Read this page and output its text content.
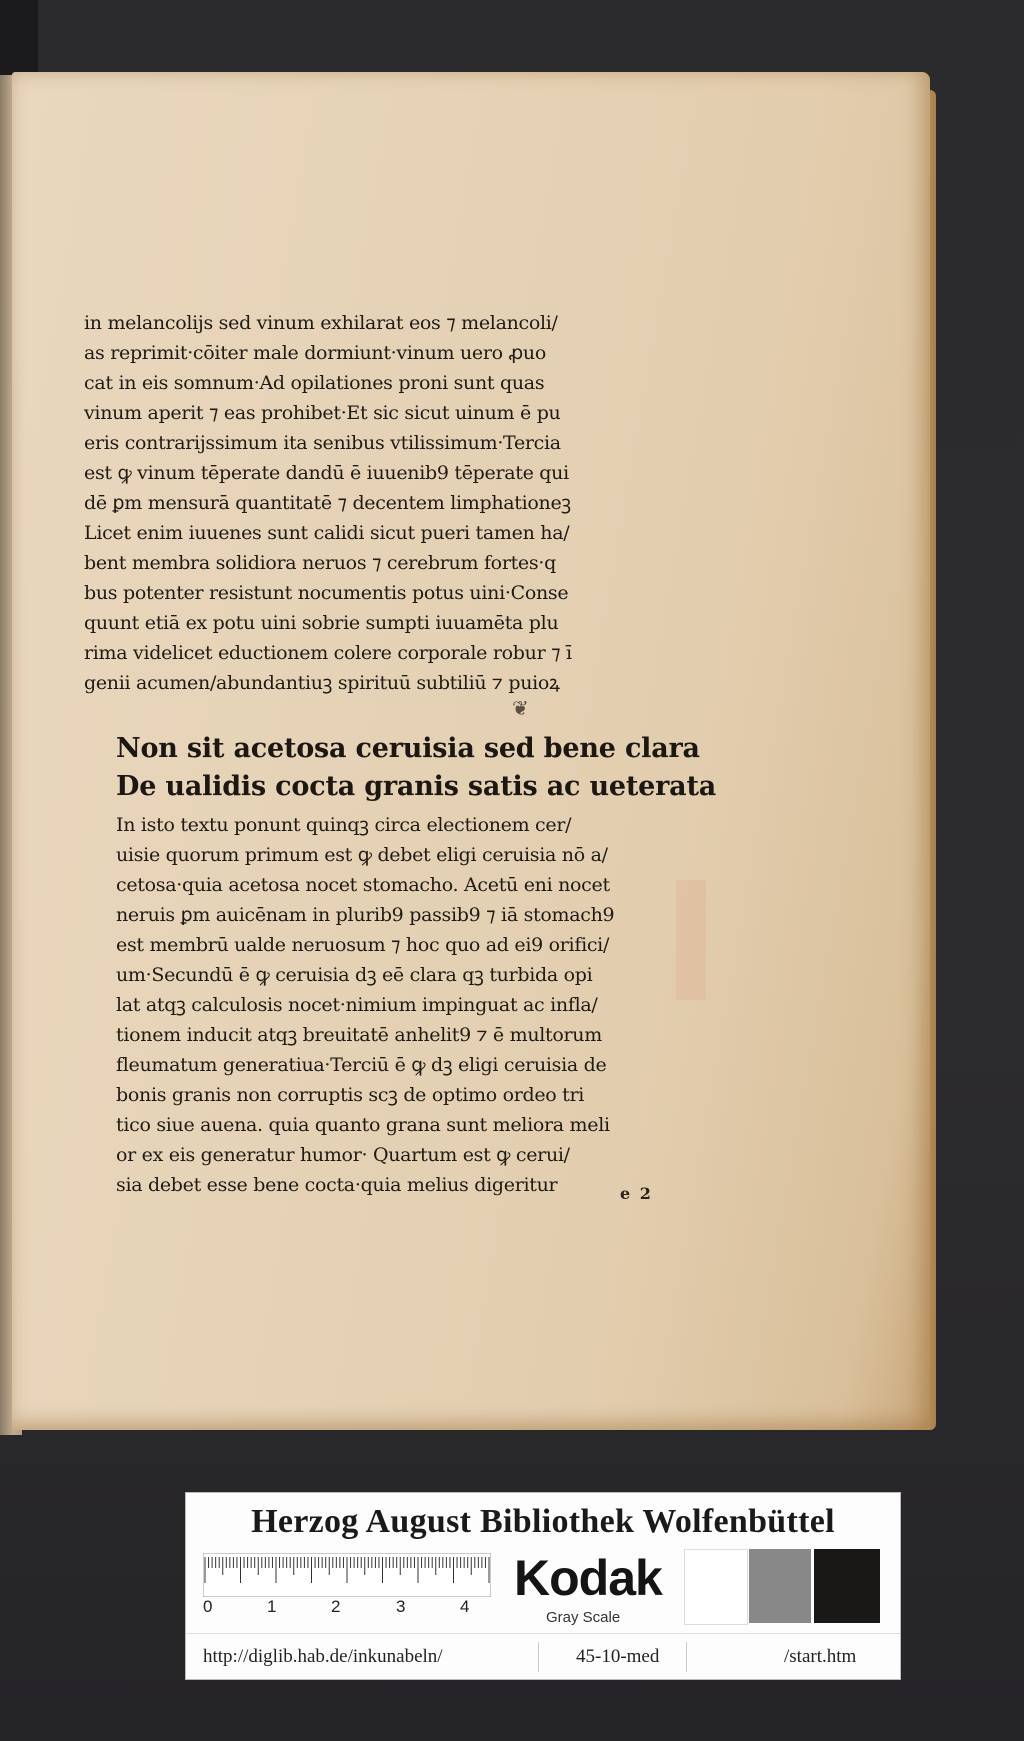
in melancolijs sed vinum exhilarat eos ⁊ melancoli/
as reprimit·cōiter male dormiunt·vinum uero ꝓuo
cat in eis somnum·Ad opilationes proni sunt quas
vinum aperit ⁊ eas prohibet·Et sic sicut uinum ē pu
eris contrarijssimum ita senibus vtilissimum·Tercia
est ꝙ vinum tēperate dandū ē iuuenib9 tēperate qui
dē ꝑm mensurā quantitatē ⁊ decentem limphationeꝫ
Licet enim iuuenes sunt calidi sicut pueri tamen ha/
bent membra solidiora neruos ⁊ cerebrum fortes·q
bus potenter resistunt nocumentis potus uini·Conse
quunt etiā ex potu uini sobrie sumpti iuuamēta plu
rima videlicet eductionem colere corporale robur ⁊ ī
genii acumen/abundantiuꝫ spirituū subtiliū ⁊ puioꝝ
❦
Non sit acetosa ceruisia sed bene clara
De ualidis cocta granis satis ac ueterata
In isto textu ponunt quinqꝫ circa electionem cer/
uisie quorum primum est ꝙ debet eligi ceruisia nō a/
cetosa·quia acetosa nocet stomacho. Acetū eni nocet
neruis ꝑm auicēnam in plurib9 passib9 ⁊ iā stomach9
est membrū ualde neruosum ⁊ hoc quo ad ei9 orifici/
um·Secundū ē ꝙ ceruisia dꝫ eē clara qꝫ turbida opi
lat atqꝫ calculosis nocet·nimium impinguat ac infla/
tionem inducit atqꝫ breuitatē anhelit9 ⁊ ē multorum
fleumatum generatiua·Terciū ē ꝙ dꝫ eligi ceruisia de
bonis granis non corruptis scꝫ de optimo ordeo tri
tico siue auena. quia quanto grana sunt meliora meli
or ex eis generatur humor· Quartum est ꝙ ceruі/
sia debet esse bene cocta·quia melius digeritur	e 2
Herzog August Bibliothek Wolfenbüttel
0	1	2	3	4
Kodak
Gray Scale
http://diglib.hab.de/inkunabeln/	45-10-med	/start.htm
